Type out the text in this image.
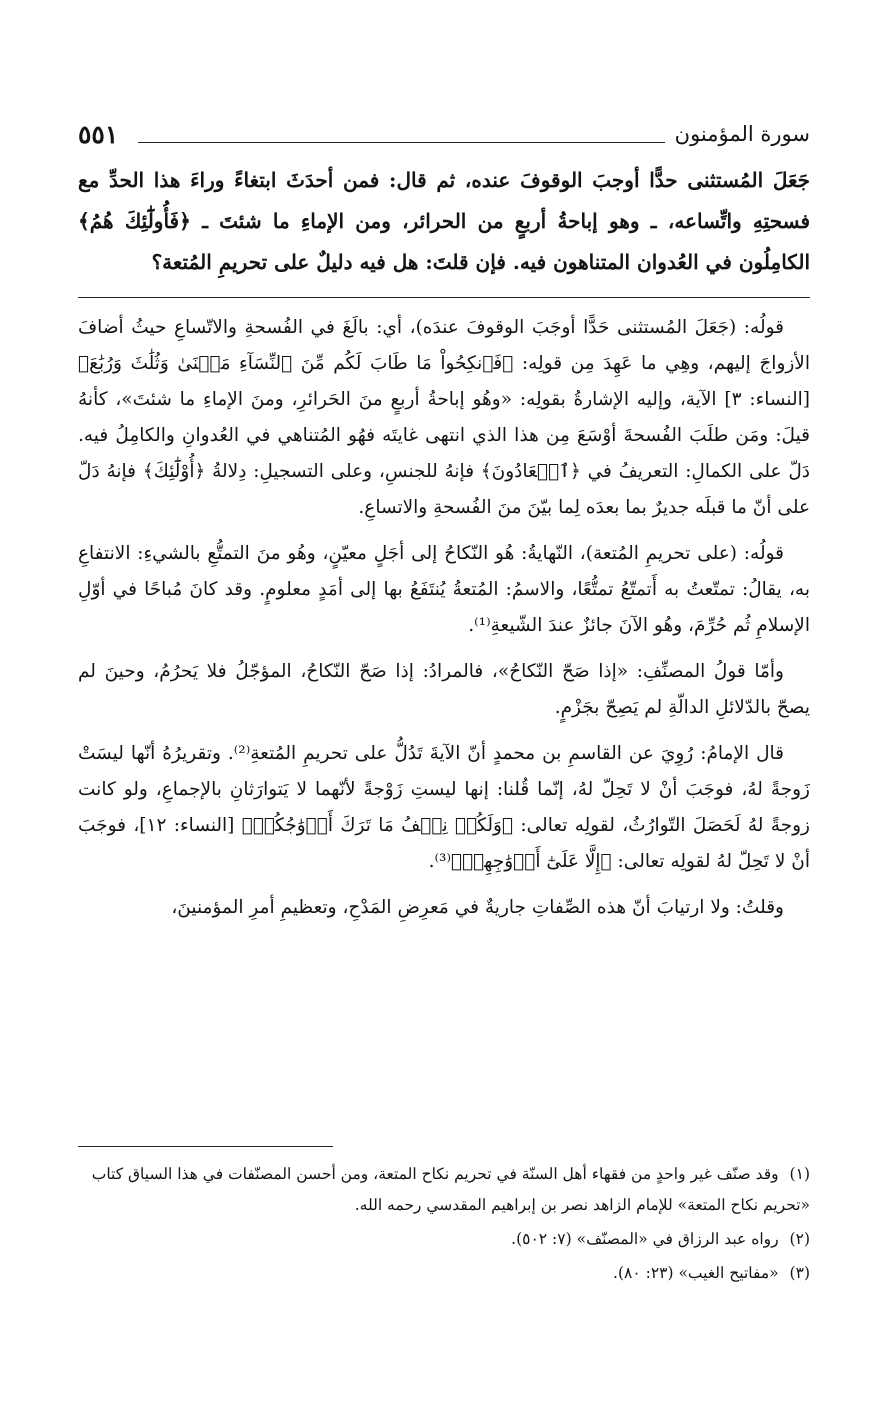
٥٥١	سورة المؤمنون
جَعَلَ المُستثنى حدًّا أوجبَ الوقوفَ عنده، ثم قال: فمن أحدَثَ ابتغاءً وراءَ هذا الحدِّ مع فسحتِهِ واتِّساعه، ـ وهو إباحةُ أربعٍ من الحرائر، ومن الإماءِ ما شئتَ ـ ﴿فَأُولَٰٓئِكَ هُمُ﴾ الكامِلُون في العُدوان المتناهون فيه. فإن قلتَ: هل فيه دليلٌ على تحريمِ المُتعة؟

قولُه: (جَعَلَ المُستثنى حَدًّا أوجَبَ الوقوفَ عندَه)، أي: بالَغَ في الفُسحةِ والاتّساعِ حيثُ أضافَ الأزواجَ إليهم، وهِي ما عَهِدَ مِن قولِه: ﴿فَٱنكِحُواْ مَا طَابَ لَكُم مِّنَ ٱلنِّسَآءِ مَثۡنَىٰ وَثُلَٰثَ وَرُبَٰعَ﴾ [النساء: ٣] الآية، وإليه الإشارةُ بقولِه: «وهُو إباحةُ أربعٍ منَ الحَرائرِ، ومنَ الإماءِ ما شئتَ»، كأنهُ قيلَ: ومَن طلَبَ الفُسحةَ أوْسَعَ مِن هذا الذي انتهى غايتَه فهُو المُتناهي في العُدوانِ والكامِلُ فيه. دَلّ على الكمالِ: التعريفُ في ﴿ٱلۡعَادُونَ﴾ فإنهُ للجنسِ، وعلى التسجيلِ: دِلالةُ ﴿أُوْلَٰٓئِكَ﴾ فإنهُ دَلّ على أنّ ما قبلَه جديرٌ بما بعدَه لِما بيّنَ منَ الفُسحةِ والاتساعِ.

قولُه: (على تحريمِ المُتعة)، النّهايةُ: هُو النّكاحُ إلى أجَلٍ معيّنٍ، وهُو منَ التمتُّعِ بالشيءِ: الانتفاعِ به، يقالُ: تمتّعتُ به أَتمتّعُ تمتُّعًا، والاسمُ: المُتعةُ يُنتَفَعُ بها إلى أمَدٍ معلومٍ. وقد كانَ مُباحًا في أوّلِ الإسلامِ ثُم حُرِّمَ، وهُو الآنَ جائزٌ عندَ الشّيعةِ⁽¹⁾.

وأمّا قولُ المصنِّفِ: «إذا صَحّ النّكاحُ»، فالمرادُ: إذا صَحّ النّكاحُ، المؤجّلُ فلا يَحرُمُ، وحينَ لم يصحّ بالدّلائلِ الدالّةِ لم يَصِحّ بجَزْمٍ.

قال الإمامُ: رُوِيَ عن القاسمِ بن محمدٍ أنّ الآيةَ تَدُلُّ على تحريمِ المُتعةِ⁽²⁾. وتقريرُهُ أنّها ليسَتْ زَوجةً لهُ، فوجَبَ أنْ لا تَحِلّ لهُ، إنّما قُلنا: إنها ليستِ زَوْجةً لأنّهما لا يَتوارَثانِ بالإجماعِ، ولو كانت زوجةً لهُ لَحَصَلَ التّوارُثُ، لقولِه تعالى: ﴿وَلَكُمۡ نِصۡفُ مَا تَرَكَ أَزۡوَٰجُكُمۡ﴾ [النساء: ١٢]، فوجَبَ أنْ لا تَحِلّ لهُ لقولِه تعالى: ﴿إِلَّا عَلَىٰٓ أَزۡوَٰجِهِمۡ﴾⁽³⁾.

وقلتُ: ولا ارتيابَ أنّ هذه الصِّفاتِ جاريةٌ في مَعرِضِ المَدْحِ، وتعظيمِ أمرِ المؤمنينَ،

(١) وقد صنّف غير واحدٍ من فقهاء أهل السنّة في تحريم نكاح المتعة، ومن أحسن المصنّفات في هذا السياق كتاب «تحريم نكاح المتعة» للإمام الزاهد نصر بن إبراهيم المقدسي رحمه الله.
(٢) رواه عبد الرزاق في «المصنّف» (٧: ٥٠٢).
(٣) «مفاتيح الغيب» (٢٣: ٨٠).
